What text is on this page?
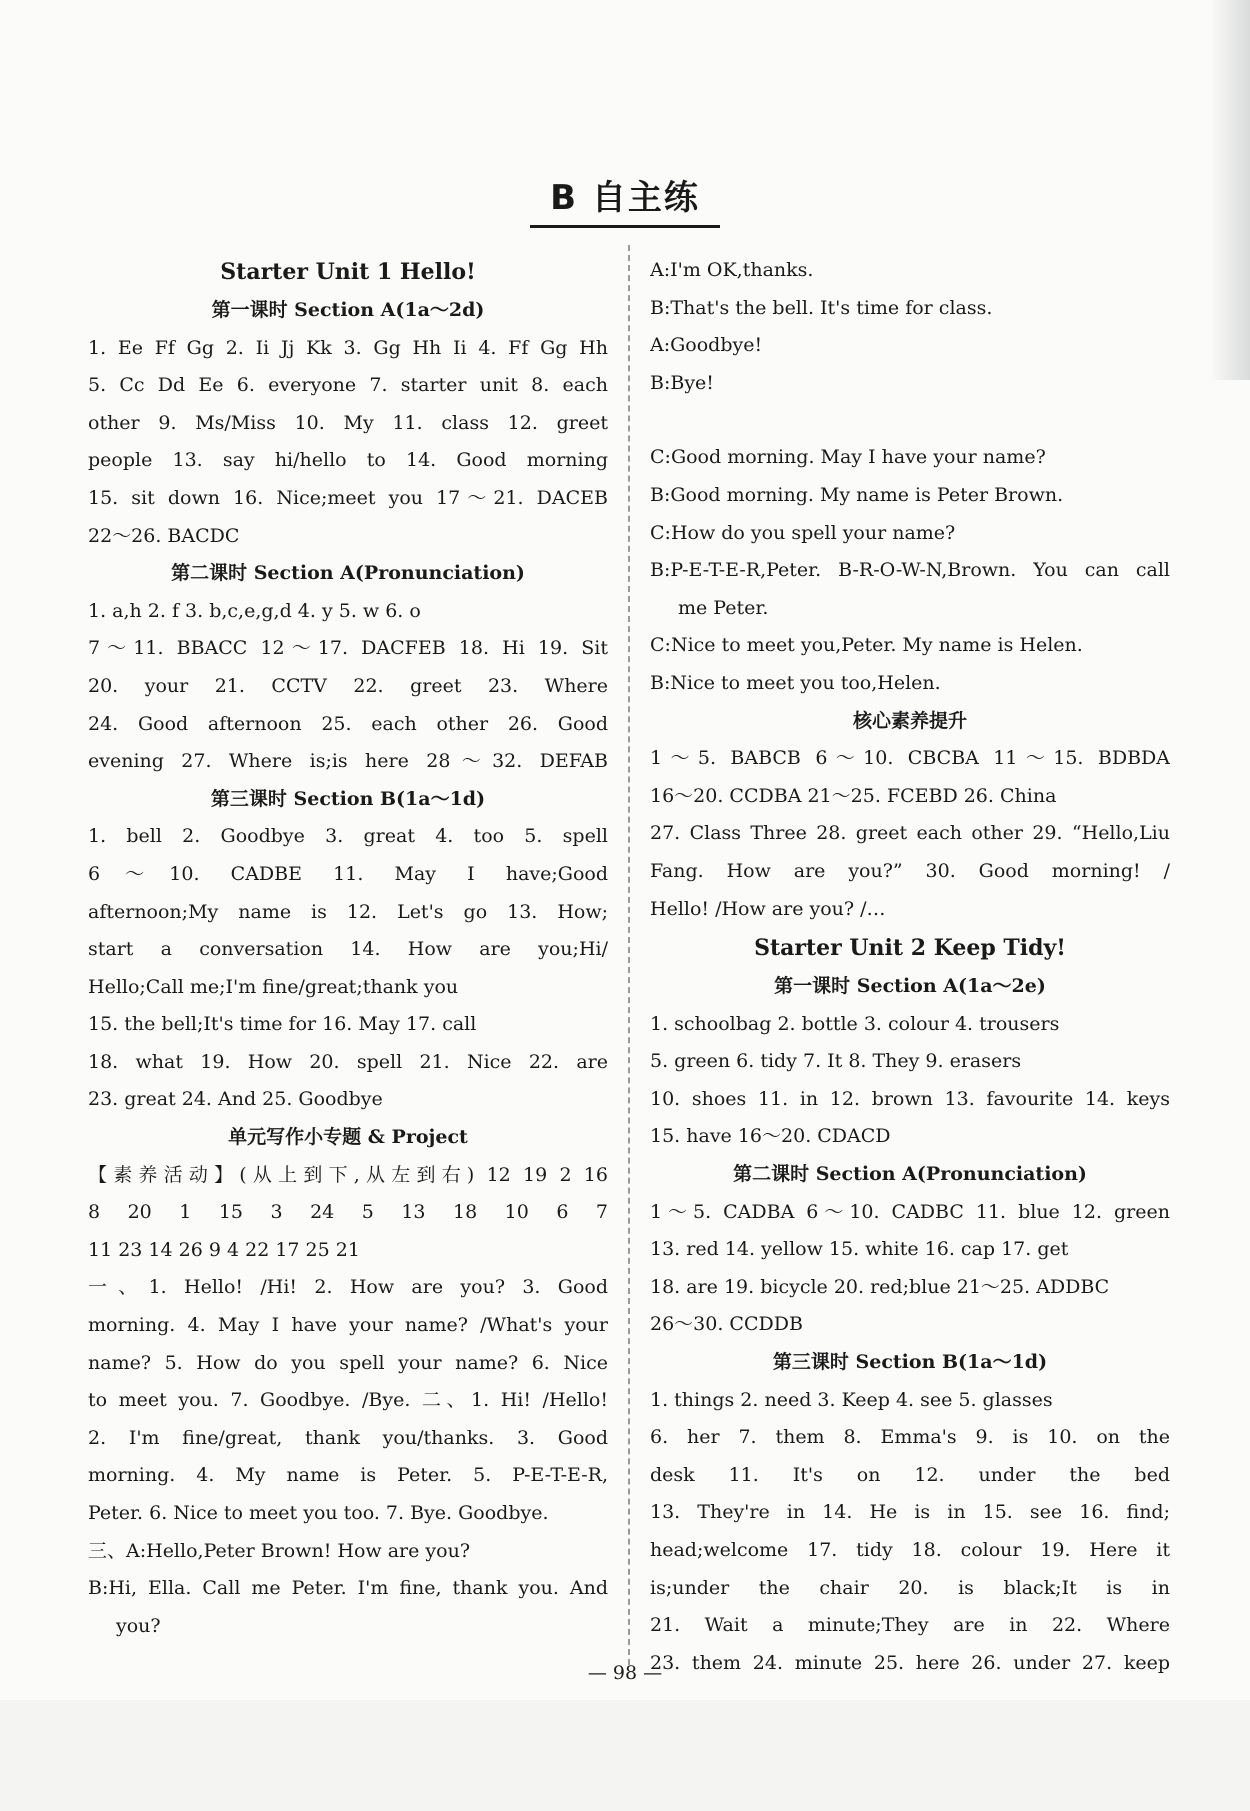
B 自主练
Starter Unit 1 Hello!
第一课时 Section A(1a～2d)
1. Ee Ff Gg 2. Ii Jj Kk 3. Gg Hh Ii 4. Ff Gg Hh
5. Cc Dd Ee 6. everyone 7. starter unit 8. each
other 9. Ms/Miss 10. My 11. class 12. greet
people 13. say hi/hello to 14. Good morning
15. sit down 16. Nice;meet you 17～21. DACEB
22～26. BACDC
第二课时 Section A(Pronunciation)
1. a,h 2. f 3. b,c,e,g,d 4. y 5. w 6. o
7～11. BBACC 12～17. DACFEB 18. Hi 19. Sit
20. your 21. CCTV 22. greet 23. Where
24. Good afternoon 25. each other 26. Good
evening 27. Where is;is here 28～32. DEFAB
第三课时 Section B(1a～1d)
1. bell 2. Goodbye 3. great 4. too 5. spell
6～10. CADBE 11. May I have;Good
afternoon;My name is 12. Let's go 13. How;
start a conversation 14. How are you;Hi/
Hello;Call me;I'm fine/great;thank you
15. the bell;It's time for 16. May 17. call
18. what 19. How 20. spell 21. Nice 22. are
23. great 24. And 25. Goodbye
单元写作小专题 & Project
【素养活动】(从上到下,从左到右) 12 19 2 16
8 20 1 15 3 24 5 13 18 10 6 7
11 23 14 26 9 4 22 17 25 21
一、1. Hello! /Hi! 2. How are you? 3. Good
morning. 4. May I have your name? /What's your
name? 5. How do you spell your name? 6. Nice
to meet you. 7. Goodbye. /Bye. 二、1. Hi! /Hello!
2. I'm fine/great, thank you/thanks. 3. Good
morning. 4. My name is Peter. 5. P-E-T-E-R,
Peter. 6. Nice to meet you too. 7. Bye. Goodbye.
三、A:Hello,Peter Brown! How are you?
B:Hi, Ella. Call me Peter. I'm fine, thank you. And
you?
A:I'm OK,thanks.
B:That's the bell. It's time for class.
A:Goodbye!
B:Bye!
C:Good morning. May I have your name?
B:Good morning. My name is Peter Brown.
C:How do you spell your name?
B:P-E-T-E-R,Peter. B-R-O-W-N,Brown. You can call
me Peter.
C:Nice to meet you,Peter. My name is Helen.
B:Nice to meet you too,Helen.
核心素养提升
1～5. BABCB 6～10. CBCBA 11～15. BDBDA
16～20. CCDBA 21～25. FCEBD 26. China
27. Class Three 28. greet each other 29. “Hello,Liu
Fang. How are you?” 30. Good morning! /
Hello! /How are you? /…
Starter Unit 2 Keep Tidy!
第一课时 Section A(1a～2e)
1. schoolbag 2. bottle 3. colour 4. trousers
5. green 6. tidy 7. It 8. They 9. erasers
10. shoes 11. in 12. brown 13. favourite 14. keys
15. have 16～20. CDACD
第二课时 Section A(Pronunciation)
1～5. CADBA 6～10. CADBC 11. blue 12. green
13. red 14. yellow 15. white 16. cap 17. get
18. are 19. bicycle 20. red;blue 21～25. ADDBC
26～30. CCDDB
第三课时 Section B(1a～1d)
1. things 2. need 3. Keep 4. see 5. glasses
6. her 7. them 8. Emma's 9. is 10. on the
desk 11. It's on 12. under the bed
13. They're in 14. He is in 15. see 16. find;
head;welcome 17. tidy 18. colour 19. Here it
is;under the chair 20. is black;It is in
21. Wait a minute;They are in 22. Where
23. them 24. minute 25. here 26. under 27. keep
— 98 —
